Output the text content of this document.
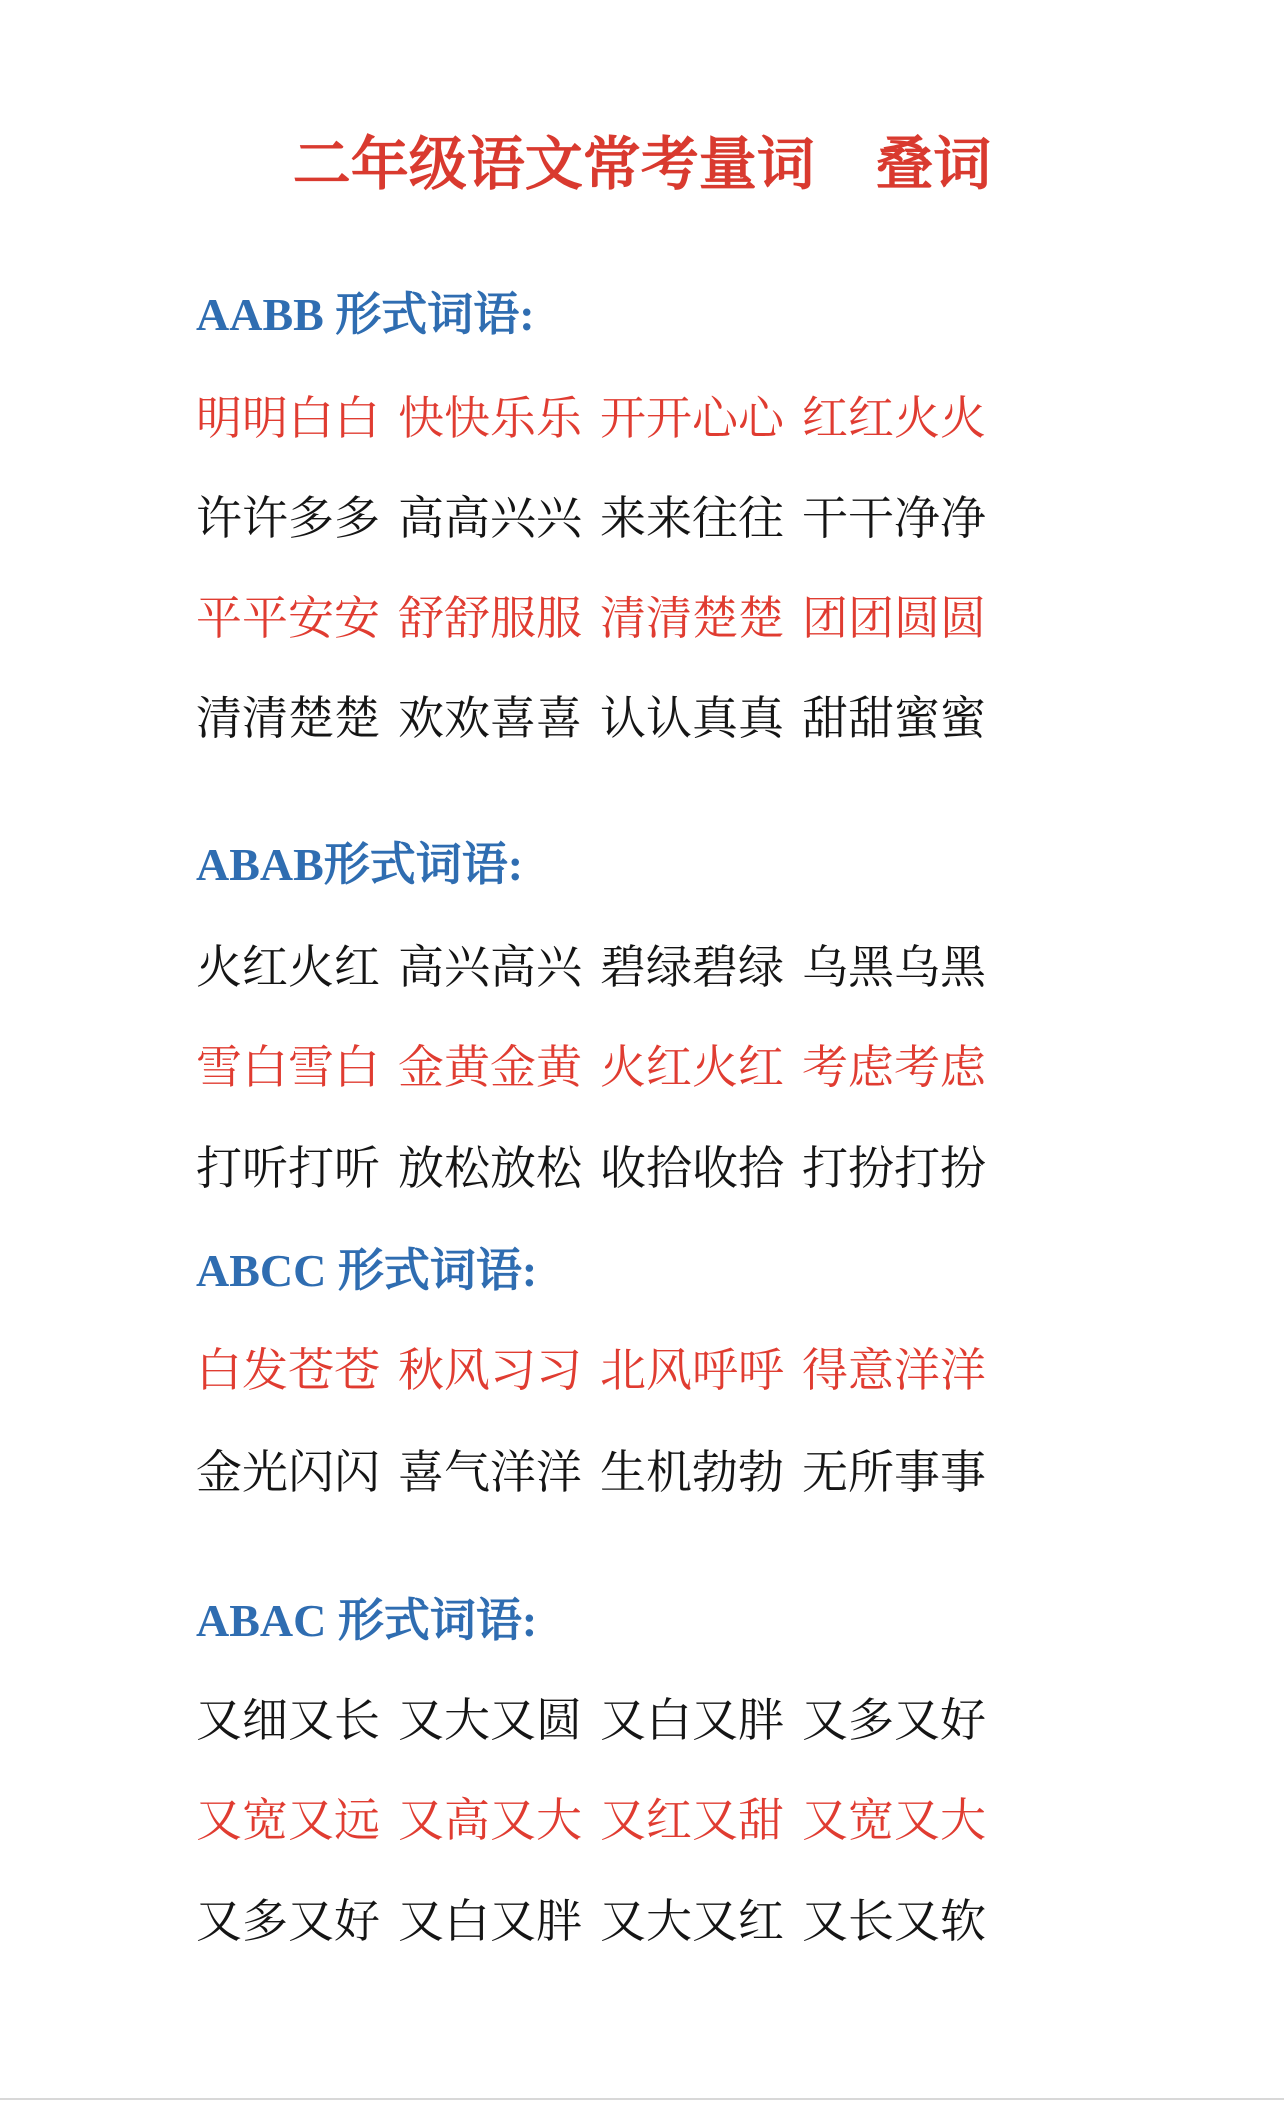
二年级语文常考量词   叠词
AABB 形式词语:
明明白白 快快乐乐 开开心心 红红火火
许许多多 高高兴兴 来来往往 干干净净
平平安安 舒舒服服 清清楚楚 团团圆圆
清清楚楚 欢欢喜喜 认认真真 甜甜蜜蜜
ABAB形式词语:
火红火红 高兴高兴 碧绿碧绿 乌黑乌黑
雪白雪白 金黄金黄 火红火红 考虑考虑
打听打听 放松放松 收拾收拾 打扮打扮
ABCC 形式词语:
白发苍苍 秋风习习 北风呼呼 得意洋洋
金光闪闪 喜气洋洋 生机勃勃 无所事事
ABAC 形式词语:
又细又长 又大又圆 又白又胖 又多又好
又宽又远 又高又大 又红又甜 又宽又大
又多又好 又白又胖 又大又红 又长又软
